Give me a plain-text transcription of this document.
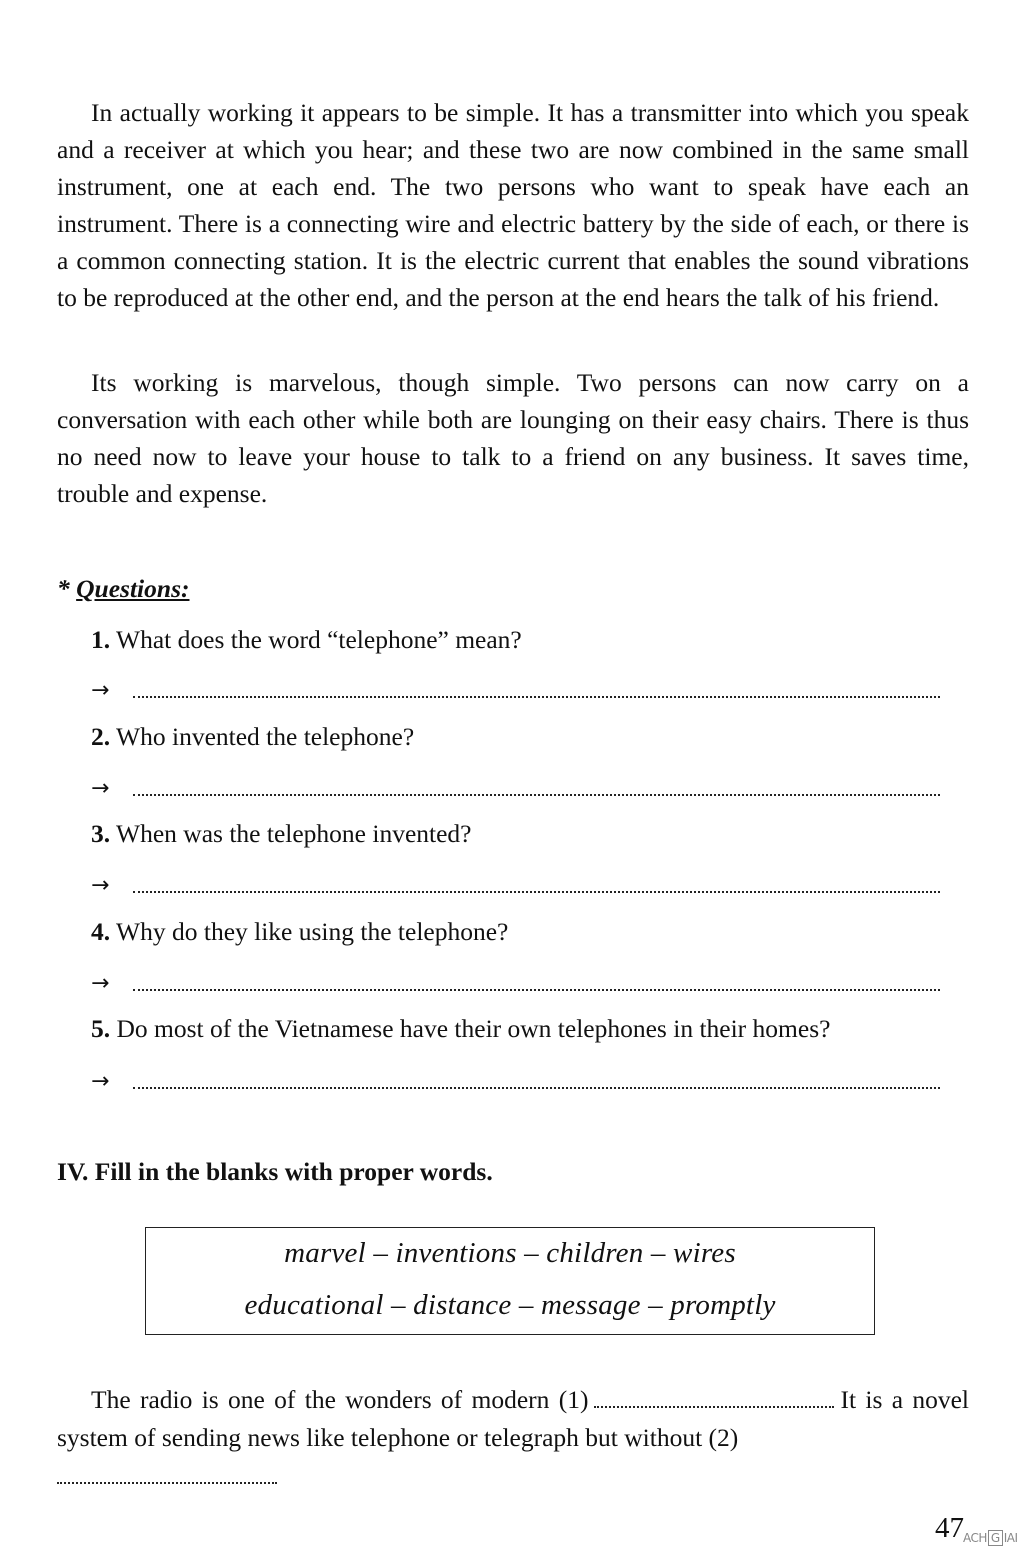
In actually working it appears to be simple. It has a transmitter into which you speak and a receiver at which you hear; and these two are now combined in the same small instrument, one at each end. The two persons who want to speak have each an instrument. There is a connecting wire and electric battery by the side of each, or there is a common connecting station. It is the electric current that enables the sound vibrations to be reproduced at the other end, and the person at the end hears the talk of his friend.

Its working is marvelous, though simple. Two persons can now carry on a conversation with each other while both are lounging on their easy chairs. There is thus no need now to leave your house to talk to a friend on any business. It saves time, trouble and expense.

* Questions:
1. What does the word “telephone” mean?
→
2. Who invented the telephone?
→
3. When was the telephone invented?
→
4. Why do they like using the telephone?
→
5. Do most of the Vietnamese have their own telephones in their homes?
→
IV. Fill in the blanks with proper words.
marvel – inventions – children – wires
educational – distance – message – promptly

The radio is one of the wonders of modern (1)	It is a novel system of sending news like telephone or telegraph but without (2)

47 ACH G IAI
